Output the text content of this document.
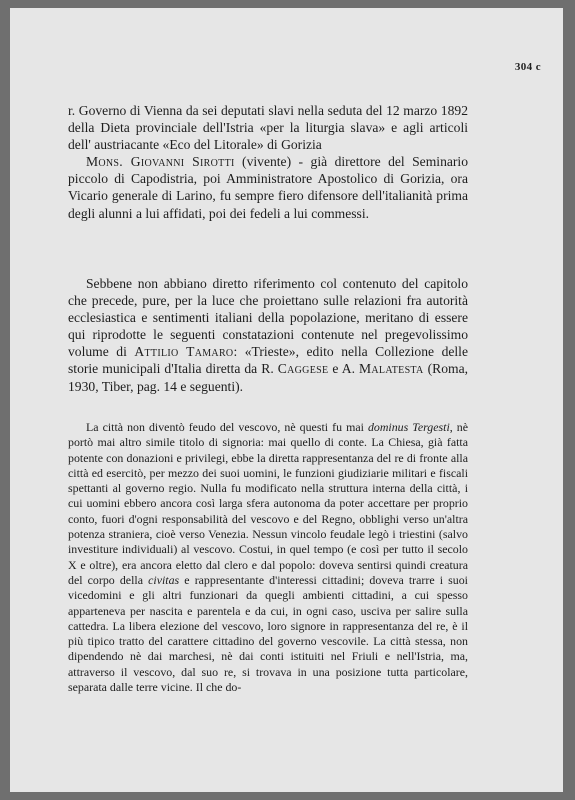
304 c

r. Governo di Vienna da sei deputati slavi nella seduta del 12 marzo 1892 della Dieta provinciale dell'Istria «per la liturgia slava» e agli articoli dell' austriacante «Eco del Litorale» di Gorizia

Mons. Giovanni Sirotti (vivente) - già direttore del Seminario piccolo di Capodistria, poi Amministratore Apostolico di Gorizia, ora Vicario generale di Larino, fu sempre fiero difensore dell'italianità prima degli alunni a lui affidati, poi dei fedeli a lui commessi.

Sebbene non abbiano diretto riferimento col contenuto del capitolo che precede, pure, per la luce che proiettano sulle relazioni fra autorità ecclesiastica e sentimenti italiani della popolazione, meritano di essere qui riprodotte le seguenti constatazioni contenute nel pregevolissimo volume di Attilio Tamaro: «Trieste», edito nella Collezione delle storie municipali d'Italia diretta da R. Caggese e A. Malatesta (Roma, 1930, Tiber, pag. 14 e seguenti).

La città non diventò feudo del vescovo, nè questi fu mai dominus Tergesti, nè portò mai altro simile titolo di signoria: mai quello di conte. La Chiesa, già fatta potente con donazioni e privilegi, ebbe la diretta rappresentanza del re di fronte alla città ed esercitò, per mezzo dei suoi uomini, le funzioni giudiziarie militari e fiscali spettanti al governo regio. Nulla fu modificato nella struttura interna della città, i cui uomini ebbero ancora così larga sfera autonoma da poter accettare per proprio conto, fuori d'ogni responsabilità del vescovo e del Regno, obblighi verso un'altra potenza straniera, cioè verso Venezia. Nessun vincolo feudale legò i triestini (salvo investiture individuali) al vescovo. Costui, in quel tempo (e così per tutto il secolo X e oltre), era ancora eletto dal clero e dal popolo: doveva sentirsi quindi creatura del corpo della civitas e rappresentante d'interessi cittadini; doveva trarre i suoi vicedomini e gli altri funzionari da quegli ambienti cittadini, a cui spesso apparteneva per nascita e parentela e da cui, in ogni caso, usciva per salire sulla cattedra. La libera elezione del vescovo, loro signore in rappresentanza del re, è il più tipico tratto del carattere cittadino del governo vescovile. La città stessa, non dipendendo nè dai marchesi, nè dai conti istituiti nel Friuli e nell'Istria, ma, attraverso il vescovo, dal suo re, si trovava in una posizione tutta particolare, separata dalle terre vicine. Il che do-
